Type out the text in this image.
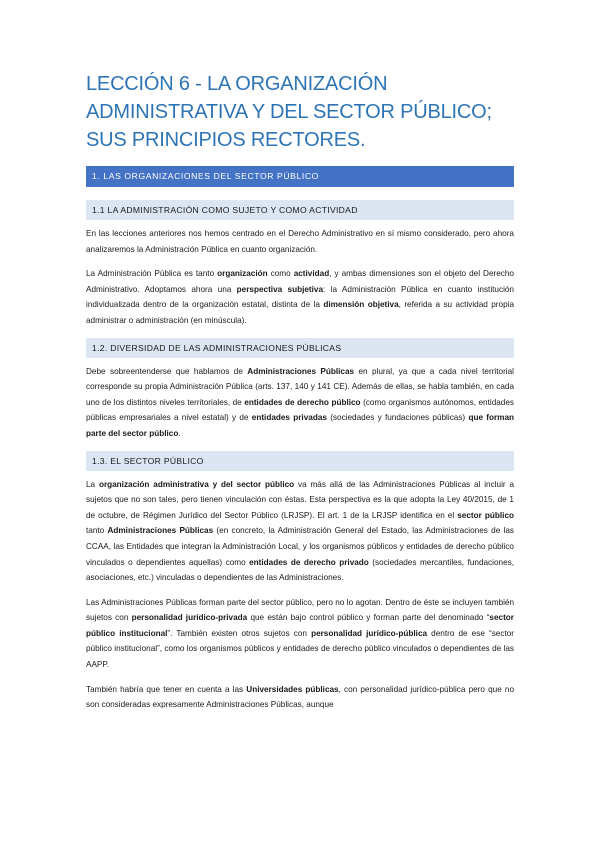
LECCIÓN 6 - LA ORGANIZACIÓN ADMINISTRATIVA Y DEL SECTOR PÚBLICO; SUS PRINCIPIOS RECTORES.
1. LAS ORGANIZACIONES DEL SECTOR PÚBLICO
1.1 LA ADMINISTRACIÓN COMO SUJETO Y COMO ACTIVIDAD

En las lecciones anteriores nos hemos centrado en el Derecho Administrativo en sí mismo considerado, pero ahora analizaremos la Administración Pública en cuanto organización.

La Administración Pública es tanto organización como actividad, y ambas dimensiones son el objeto del Derecho Administrativo. Adoptamos ahora una perspectiva subjetiva: la Administración Pública en cuanto institución individualizada dentro de la organización estatal, distinta de la dimensión objetiva, referida a su actividad propia administrar o administración (en minúscula).

1.2. DIVERSIDAD DE LAS ADMINISTRACIONES PÚBLICAS

Debe sobreentenderse que hablamos de Administraciones Públicas en plural, ya que a cada nivel territorial corresponde su propia Administración Pública (arts. 137, 140 y 141 CE). Además de ellas, se habla también, en cada uno de los distintos niveles territoriales, de entidades de derecho público (como organismos autónomos, entidades públicas empresariales a nivel estatal) y de entidades privadas (sociedades y fundaciones públicas) que forman parte del sector público.

1.3. EL SECTOR PÚBLICO

La organización administrativa y del sector público va más allá de las Administraciones Públicas al incluir a sujetos que no son tales, pero tienen vinculación con éstas. Esta perspectiva es la que adopta la Ley 40/2015, de 1 de octubre, de Régimen Jurídico del Sector Público (LRJSP). El art. 1 de la LRJSP identifica en el sector público tanto Administraciones Públicas (en concreto, la Administración General del Estado, las Administraciones de las CCAA, las Entidades que integran la Administración Local, y los organismos públicos y entidades de derecho público vinculados o dependientes aquellas) como entidades de derecho privado (sociedades mercantiles, fundaciones, asociaciones, etc.) vinculadas o dependientes de las Administraciones.

Las Administraciones Públicas forman parte del sector público, pero no lo agotan. Dentro de éste se incluyen también sujetos con personalidad jurídico-privada que están bajo control público y forman parte del denominado “sector público institucional”. También existen otros sujetos con personalidad jurídico-pública dentro de ese “sector público institucional”, como los organismos públicos y entidades de derecho público vinculados o dependientes de las AAPP.

También habría que tener en cuenta a las Universidades públicas, con personalidad jurídico-pública pero que no son consideradas expresamente Administraciones Públicas, aunque
